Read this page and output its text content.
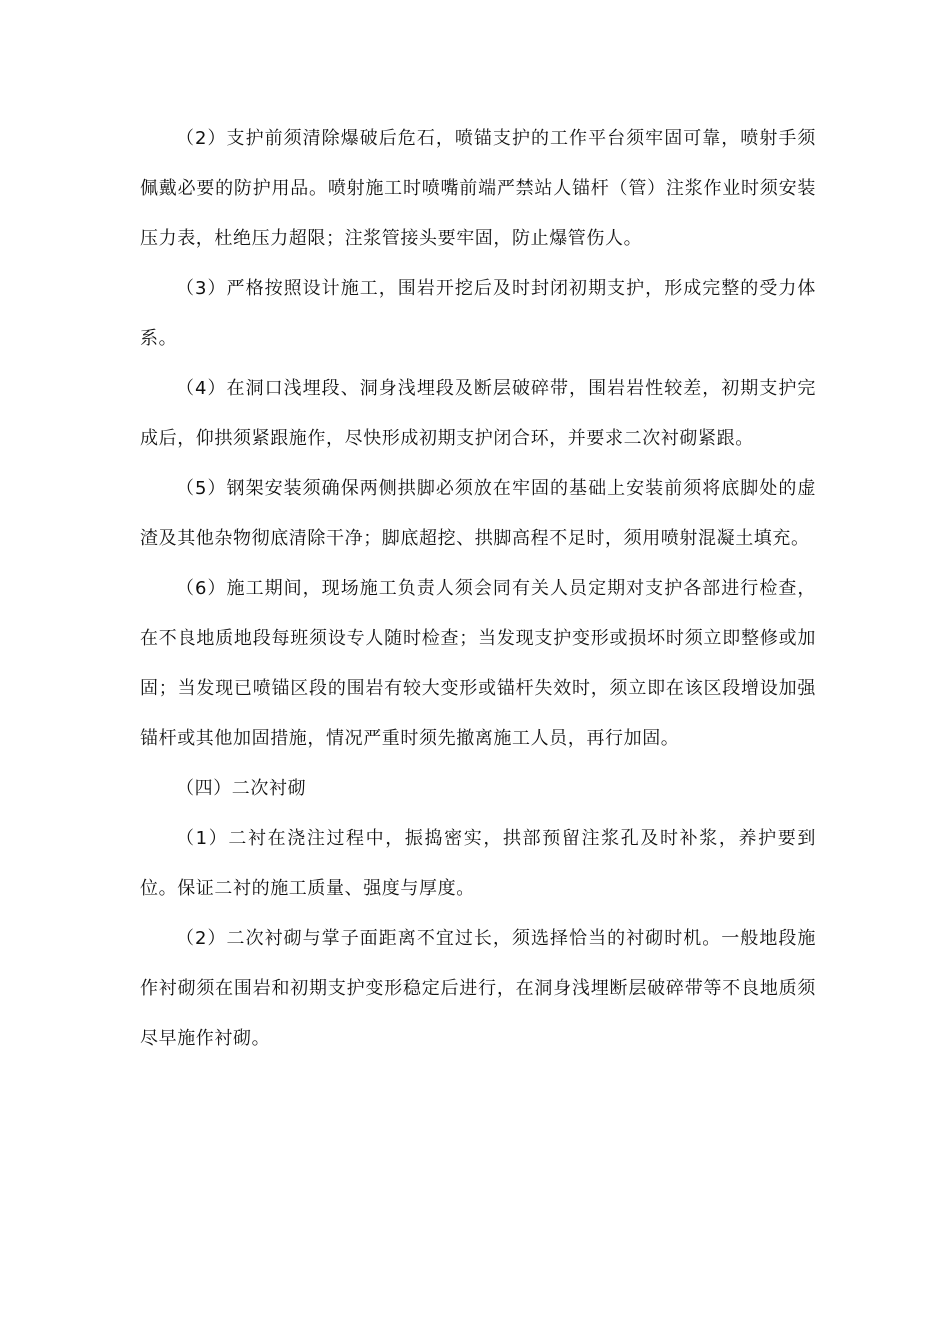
（2）支护前须清除爆破后危石，喷锚支护的工作平台须牢固可靠，喷射手须佩戴必要的防护用品。喷射施工时喷嘴前端严禁站人锚杆（管）注浆作业时须安装压力表，杜绝压力超限；注浆管接头要牢固，防止爆管伤人。

（3）严格按照设计施工，围岩开挖后及时封闭初期支护，形成完整的受力体系。

（4）在洞口浅埋段、洞身浅埋段及断层破碎带，围岩岩性较差，初期支护完成后，仰拱须紧跟施作，尽快形成初期支护闭合环，并要求二次衬砌紧跟。

（5）钢架安装须确保两侧拱脚必须放在牢固的基础上安装前须将底脚处的虚渣及其他杂物彻底清除干净；脚底超挖、拱脚高程不足时，须用喷射混凝土填充。

（6）施工期间，现场施工负责人须会同有关人员定期对支护各部进行检查，在不良地质地段每班须设专人随时检查；当发现支护变形或损坏时须立即整修或加固；当发现已喷锚区段的围岩有较大变形或锚杆失效时，须立即在该区段增设加强锚杆或其他加固措施，情况严重时须先撤离施工人员，再行加固。

（四）二次衬砌

（1）二衬在浇注过程中，振捣密实，拱部预留注浆孔及时补浆，养护要到位。保证二衬的施工质量、强度与厚度。

（2）二次衬砌与掌子面距离不宜过长，须选择恰当的衬砌时机。一般地段施作衬砌须在围岩和初期支护变形稳定后进行，在洞身浅埋断层破碎带等不良地质须尽早施作衬砌。
